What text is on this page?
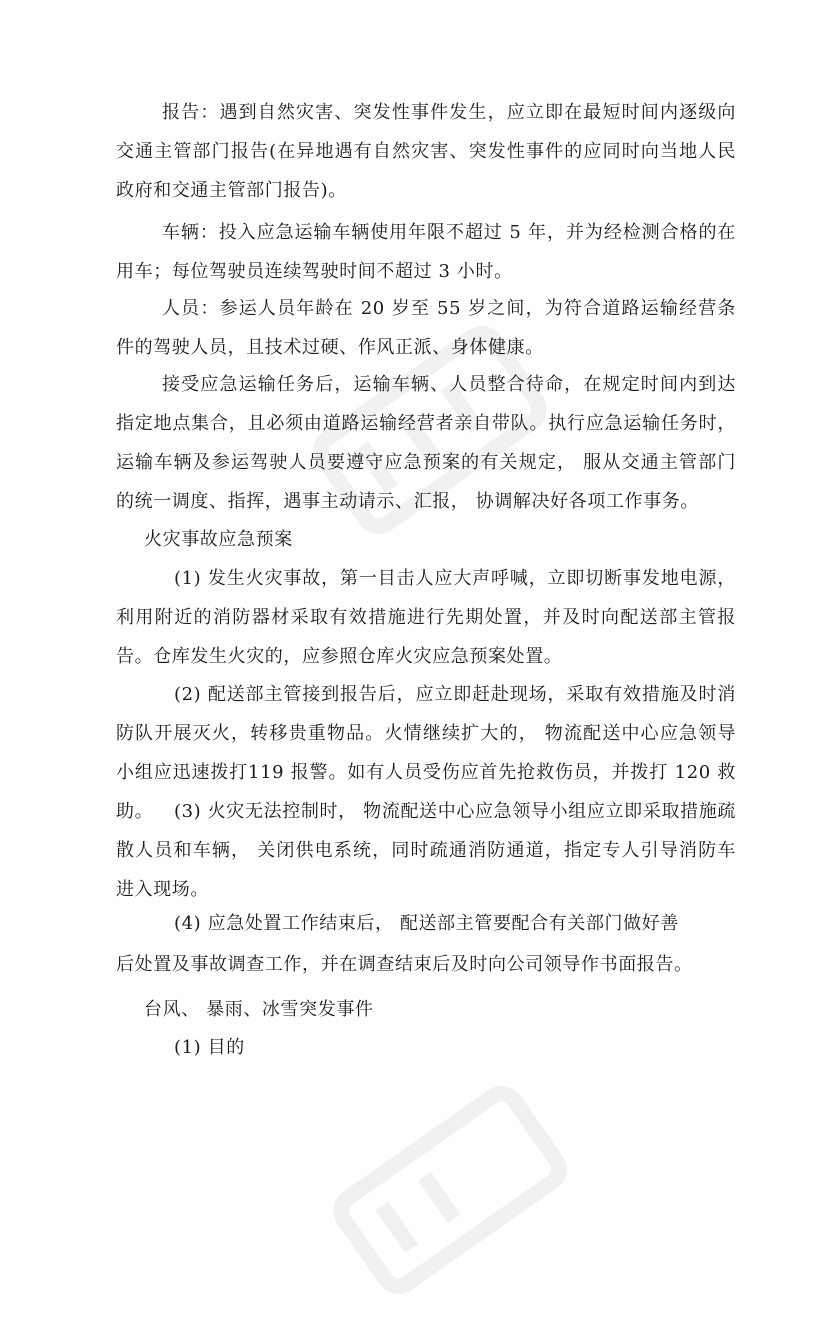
报告：遇到自然灾害、突发性事件发生，应立即在最短时间内逐级向交通主管部门报告(在异地遇有自然灾害、突发性事件的应同时向当地人民政府和交通主管部门报告)。

车辆：投入应急运输车辆使用年限不超过 5 年，并为经检测合格的在用车；每位驾驶员连续驾驶时间不超过 3 小时。

人员：参运人员年龄在 20 岁至 55 岁之间，为符合道路运输经营条件的驾驶人员，且技术过硬、作风正派、身体健康。

接受应急运输任务后，运输车辆、人员整合待命，在规定时间内到达指定地点集合，且必须由道路运输经营者亲自带队。执行应急运输任务时，运输车辆及参运驾驶人员要遵守应急预案的有关规定， 服从交通主管部门的统一调度、指挥，遇事主动请示、汇报， 协调解决好各项工作事务。

火灾事故应急预案

(1) 发生火灾事故，第一目击人应大声呼喊，立即切断事发地电源，利用附近的消防器材采取有效措施进行先期处置，并及时向配送部主管报告。仓库发生火灾的，应参照仓库火灾应急预案处置。

(2) 配送部主管接到报告后，应立即赶赴现场，采取有效措施及时消防队开展灭火，转移贵重物品。火情继续扩大的， 物流配送中心应急领导小组应迅速拨打119 报警。如有人员受伤应首先抢救伤员，并拨打 120 救助。	(3) 火灾无法控制时， 物流配送中心应急领导小组应立即采取措施疏散人员和车辆， 关闭供电系统，同时疏通消防通道，指定专人引导消防车进入现场。

(4) 应急处置工作结束后， 配送部主管要配合有关部门做好善

后处置及事故调查工作，并在调查结束后及时向公司领导作书面报告。

台风、 暴雨、冰雪突发事件

(1) 目的
